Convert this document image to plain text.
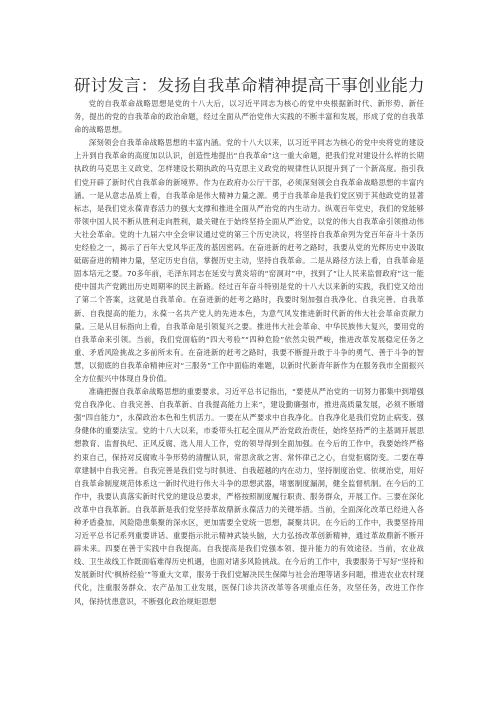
研讨发言：发扬自我革命精神提高干事创业能力

党的自我革命战略思想是党的十八大后，以习近平同志为核心的党中央根据新时代、新形势、新任务，提出的党的自我革命的政治命题，经过全面从严治党伟大实践的不断丰富和发展，形成了党的自我革命的战略思想。

深刻领会自我革命战略思想的丰富内涵。党的十八大以来，以习近平同志为核心的党中央将党的建设上升到自我革命的高度加以认识，创造性地提出“自我革命”这一重大命题，把我们党对建设什么样的长期执政的马克思主义政党、怎样建设长期执政的马克思主义政党的规律性认识提升到了一个新高度。指引我们党开辟了新时代自我革命的新境界。作为在政府办公厅干部，必须深刻领会自我革命战略思想的丰富内涵。一是从意志品质上看，自我革命是伟大精神力量之源。勇于自我革命是我们党区别于其他政党的显著标志，是我们党永葆青春活力的强大支撑和推进全面从严治党的内生动力。纵观百年党史，我们的党能够带领中国人民不断从胜利走向胜利，最关键在于始终坚持全面从严治党，以党的伟大自我革命引领推动伟大社会革命。党的十九届六中全会审议通过党的第三个历史决议，将坚持自我革命列为党百年奋斗十条历史经验之一，揭示了百年大党风华正茂的基因密码。在奋进新的赶考之路时，我要从党的光辉历史中汲取砥砺奋进的精神力量，坚定历史自信，掌握历史主动，坚持自我革命。二是从路径方法上看，自我革命是固本培元之要。70多年前，毛泽东同志在延安与黄炎培的“窑洞对”中，找到了“让人民来监督政府”这一能使中国共产党跳出历史周期率的民主新路。经过百年奋斗特别是党的十八大以来新的实践，我们党又给出了第二个答案，这就是自我革命。在奋进新的赶考之路时，我要时刻加强自我净化、自我完善、自我革新、自我提高的能力，永葆一名共产党人的先进本色，为意气风发推进新时代新的伟大社会革命贡献力量。三是从目标指向上看，自我革命是引领复兴之要。推进伟大社会革命、中华民族伟大复兴，要用党的自我革命来引领。当前，我们党面临的“四大考验”“四种危险”依然尖锐严峻，推进改革发展稳定任务之重、矛盾风险挑战之多前所未有。在奋进新的赶考之路时，我要不断提升敢于斗争的勇气、善于斗争的智慧，以彻底的自我革命精神应对“三服务”工作中面临的难题，以新时代新青年新作为在服务我市全面振兴全方位振兴中体现自身价值。

准确把握自我革命战略思想的重要要求。习近平总书记指出，“要使从严治党的一切努力都集中到增强党自我净化、自我完善、自我革新、自我提高能力上来”，建设勤廉强市，推进高质量发展，必须不断增强“四自能力”，永葆政治本色和生机活力。一要在从严要求中自我净化。自我净化是我们党防止病变、强身健体的重要法宝。党的十八大以来，市委带头扛起全面从严治党政治责任，始终坚持严的主基调开展思想教育、监督执纪、正风反腐、选人用人工作，党的领导得到全面加强。在今后的工作中，我要始终严格约束自己，保持对反腐败斗争形势的清醒认识，常思贪欲之害、常怀律己之心，自觉拒腐防变。二要在尊章建制中自我完善。自我完善是我们党与时俱进、自我超越的内在动力，坚持制度治党、依规治党，用好自我革命制度规范体系这一新时代进行伟大斗争的思想武器，堵塞制度漏洞，健全监督机制。在今后的工作中，我要认真落实新时代党的建设总要求，严格按照制度履行职责、服务群众，开展工作。三要在深化改革中自我革新。自我革新是我们党坚持革故鼎新永葆活力的关键举措。当前，全面深化改革已经进入各种矛盾叠加、风险隐患集聚的深水区，更加需要全党统一思想，凝聚共识。在今后的工作中，我要坚持用习近平总书记系列重要讲话、重要指示批示精神武装头脑，大力弘扬改革创新精神，通过革故鼎新不断开辟未来。四要在善于实践中自我提高。自我提高是我们党强本领、提升能力的有效途径。当前，农业战线、卫生战线工作既面临难得历史机遇，也面对诸多风险挑战。在今后的工作中，我要服务于写好“坚持和发展新时代‘枫桥经验’”等重大文章，服务于我们党解决民生保障与社会治理等诸多问题，推进农业农村现代化，注重服务群众、农产品加工业发展，医保门诊共济改革等各项重点任务，攻坚任务，改进工作作风，保持忧患意识，不断强化政治规矩思想
